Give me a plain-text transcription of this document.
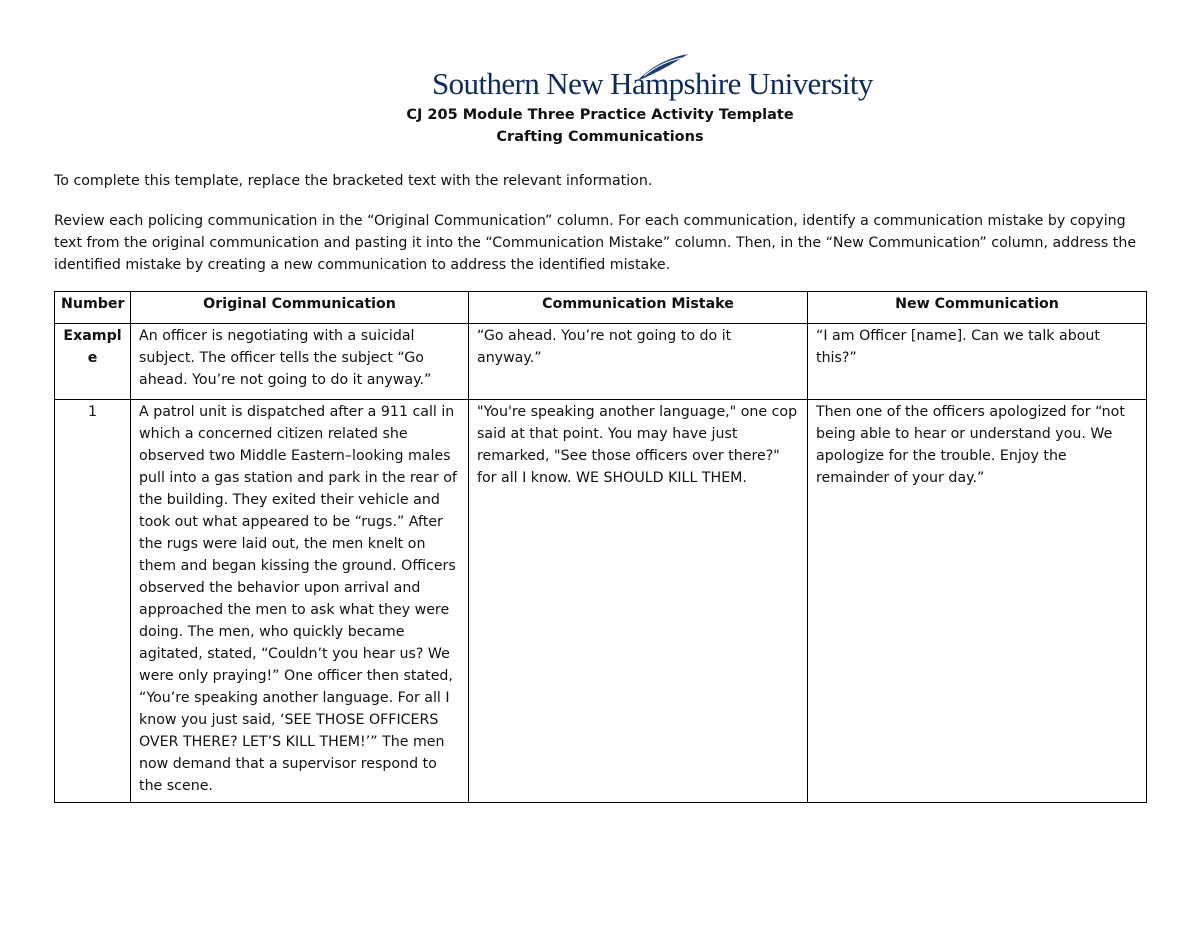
Southern New Hampshire University
CJ 205 Module Three Practice Activity Template
Crafting Communications

To complete this template, replace the bracketed text with the relevant information.

Review each policing communication in the “Original Communication” column. For each communication, identify a communication mistake by copying text from the original communication and pasting it into the “Communication Mistake” column. Then, in the “New Communication” column, address the identified mistake by creating a new communication to address the identified mistake.

Number	Original Communication	Communication Mistake	New Communication
Exampl e	An officer is negotiating with a suicidal subject. The officer tells the subject “Go ahead. You’re not going to do it anyway.”	“Go ahead. You’re not going to do it anyway.”	“I am Officer [name]. Can we talk about this?”
1	A patrol unit is dispatched after a 911 call in which a concerned citizen related she observed two Middle Eastern–looking males pull into a gas station and park in the rear of the building. They exited their vehicle and took out what appeared to be “rugs.” After the rugs were laid out, the men knelt on them and began kissing the ground. Officers observed the behavior upon arrival and approached the men to ask what they were doing. The men, who quickly became agitated, stated, “Couldn’t you hear us? We were only praying!” One officer then stated, “You’re speaking another language. For all I know you just said, ‘SEE THOSE OFFICERS OVER THERE? LET’S KILL THEM!’” The men now demand that a supervisor respond to the scene.	"You're speaking another language," one cop said at that point. You may have just remarked, "See those officers over there?" for all I know. WE SHOULD KILL THEM.	Then one of the officers apologized for “not being able to hear or understand you. We apologize for the trouble. Enjoy the remainder of your day.”
